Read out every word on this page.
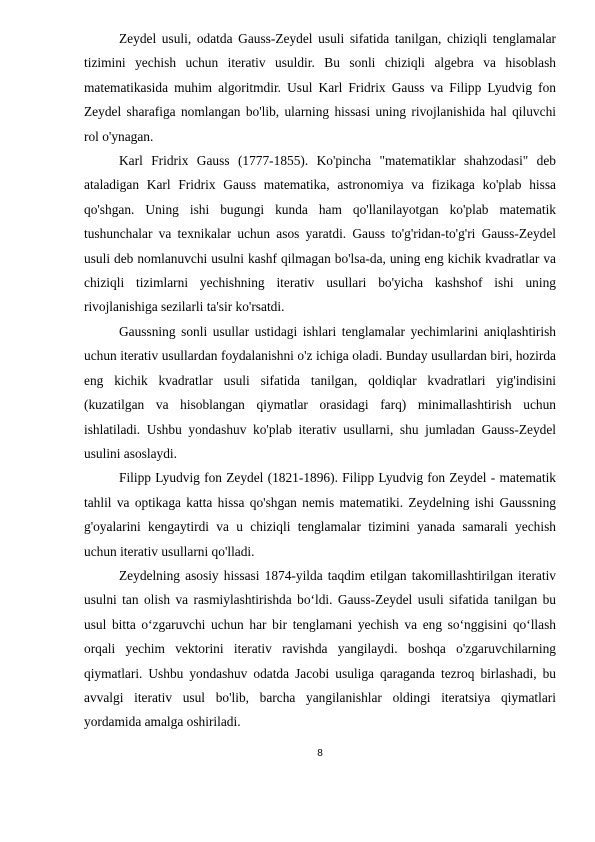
Zeydel usuli, odatda Gauss-Zeydel usuli sifatida tanilgan, chiziqli tenglamalar tizimini yechish uchun iterativ usuldir. Bu sonli chiziqli algebra va hisoblash matematikasida muhim algoritmdir. Usul Karl Fridrix Gauss va Filipp Lyudvig fon Zeydel sharafiga nomlangan bo'lib, ularning hissasi uning rivojlanishida hal qiluvchi rol o'ynagan.

Karl Fridrix Gauss (1777-1855). Ko'pincha "matematiklar shahzodasi" deb ataladigan Karl Fridrix Gauss matematika, astronomiya va fizikaga ko'plab hissa qo'shgan. Uning ishi bugungi kunda ham qo'llanilayotgan ko'plab matematik tushunchalar va texnikalar uchun asos yaratdi. Gauss to'g'ridan-to'g'ri Gauss-Zeydel usuli deb nomlanuvchi usulni kashf qilmagan bo'lsa-da, uning eng kichik kvadratlar va chiziqli tizimlarni yechishning iterativ usullari bo'yicha kashshof ishi uning rivojlanishiga sezilarli ta'sir ko'rsatdi.

Gaussning sonli usullar ustidagi ishlari tenglamalar yechimlarini aniqlashtirish uchun iterativ usullardan foydalanishni o'z ichiga oladi. Bunday usullardan biri, hozirda eng kichik kvadratlar usuli sifatida tanilgan, qoldiqlar kvadratlari yig'indisini (kuzatilgan va hisoblangan qiymatlar orasidagi farq) minimallashtirish uchun ishlatiladi. Ushbu yondashuv ko'plab iterativ usullarni, shu jumladan Gauss-Zeydel usulini asoslaydi.

Filipp Lyudvig fon Zeydel (1821-1896). Filipp Lyudvig fon Zeydel - matematik tahlil va optikaga katta hissa qo'shgan nemis matematiki. Zeydelning ishi Gaussning g'oyalarini kengaytirdi va u chiziqli tenglamalar tizimini yanada samarali yechish uchun iterativ usullarni qo'lladi.

Zeydelning asosiy hissasi 1874-yilda taqdim etilgan takomillashtirilgan iterativ usulni tan olish va rasmiylashtirishda bo‘ldi. Gauss-Zeydel usuli sifatida tanilgan bu usul bitta o‘zgaruvchi uchun har bir tenglamani yechish va eng so‘nggisini qo‘llash orqali yechim vektorini iterativ ravishda yangilaydi. boshqa o'zgaruvchilarning qiymatlari. Ushbu yondashuv odatda Jacobi usuliga qaraganda tezroq birlashadi, bu avvalgi iterativ usul bo'lib, barcha yangilanishlar oldingi iteratsiya qiymatlari yordamida amalga oshiriladi.

8
